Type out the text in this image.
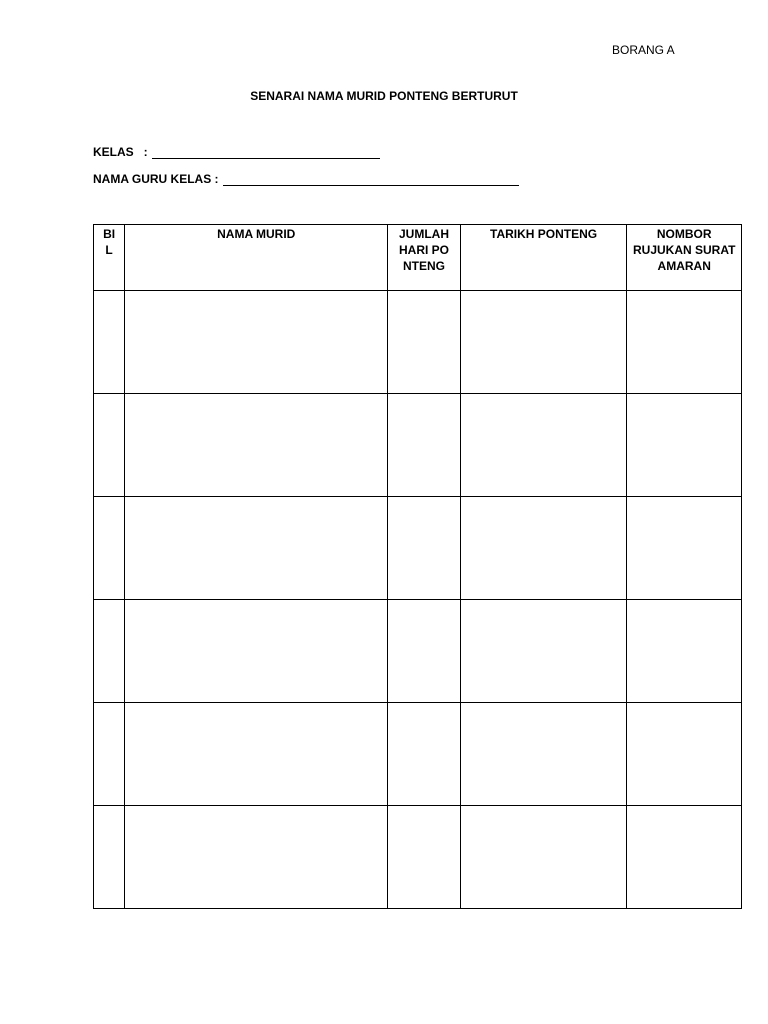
BORANG A
SENARAI NAMA MURID PONTENG BERTURUT
KELAS   :
NAMA GURU KELAS :
BIL	NAMA MURID	JUMLAH HARI PONTENG	TARIKH PONTENG	NOMBOR RUJUKAN SURAT AMARAN
